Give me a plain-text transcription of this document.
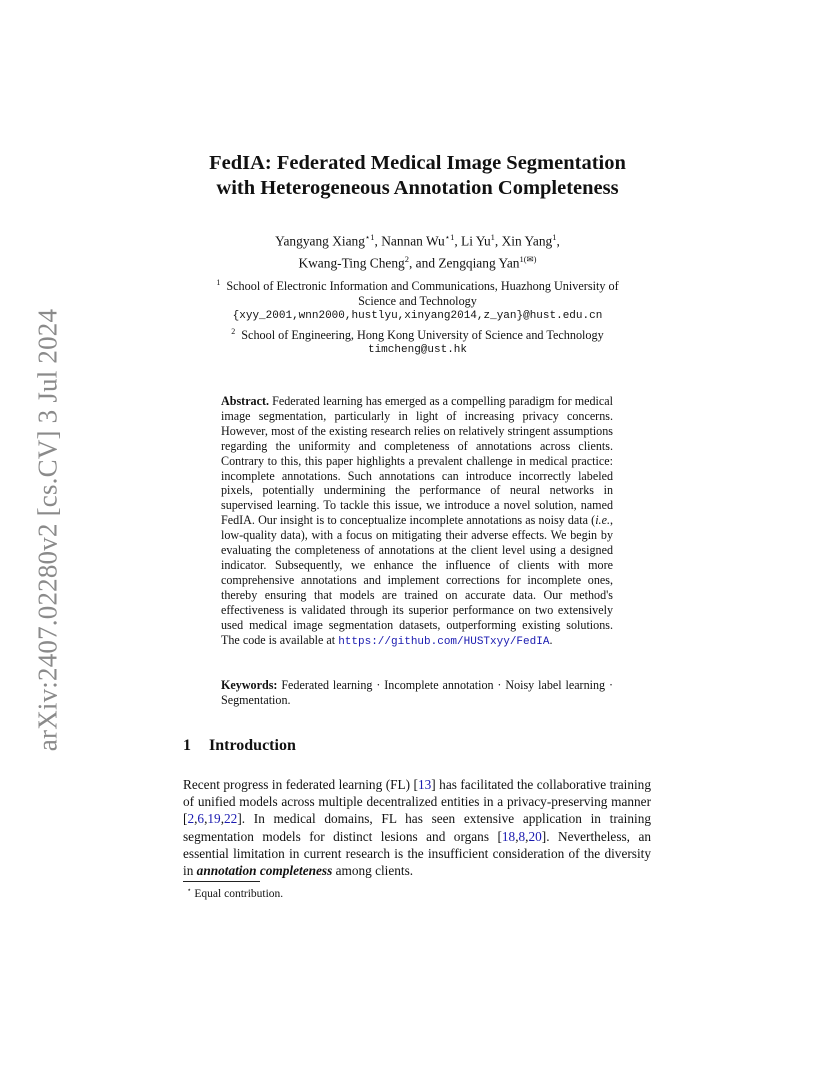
arXiv:2407.02280v2 [cs.CV] 3 Jul 2024
FedIA: Federated Medical Image Segmentation
with Heterogeneous Annotation Completeness
Yangyang Xiang$^{⋆1}$, Nannan $Wu^{⋆1}$, Li Yu$^1$, Xin Yang$^1$,
Kwang-Ting Cheng$^2$, and Zengqiang Yan$^{1(✉)}$
$^1$ School of Electronic Information and Communications, Huazhong University of
Science and Technology
{xyy_2001,wnn2000,hustlyu,xinyang2014,z_yan}@hust.edu.cn
$^2$ School of Engineering, Hong Kong University of Science and Technology
timcheng@ust.hk
Abstract. Federated learning has emerged as a compelling paradigm for medical image segmentation, particularly in light of increasing privacy concerns. However, most of the existing research relies on relatively stringent assumptions regarding the uniformity and completeness of annotations across clients. Contrary to this, this paper highlights a prevalent challenge in medical practice: incomplete annotations. Such annotations can introduce incorrectly labeled pixels, potentially undermining the performance of neural networks in supervised learning. To tackle this issue, we introduce a novel solution, named FedIA. Our insight is to conceptualize incomplete annotations as noisy data (i.e., low-quality data), with a focus on mitigating their adverse effects. We begin by evaluating the completeness of annotations at the client level using a designed indicator. Subsequently, we enhance the influence of clients with more comprehensive annotations and implement corrections for incomplete ones, thereby ensuring that models are trained on accurate data. Our method's effectiveness is validated through its superior performance on two extensively used medical image segmentation datasets, outperforming existing solutions. The code is available at https://github.com/HUSTxyy/FedIA.
Keywords: Federated learning · Incomplete annotation · Noisy label learning · Segmentation.
1 Introduction
Recent progress in federated learning (FL) [13] has facilitated the collaborative training of unified models across multiple decentralized entities in a privacy-preserving manner [2,6,19,22]. In medical domains, FL has seen extensive application in training segmentation models for distinct lesions and organs [18,8,20]. Nevertheless, an essential limitation in current research is the insufficient consideration of the diversity in annotation completeness among clients.
⋆ Equal contribution.
